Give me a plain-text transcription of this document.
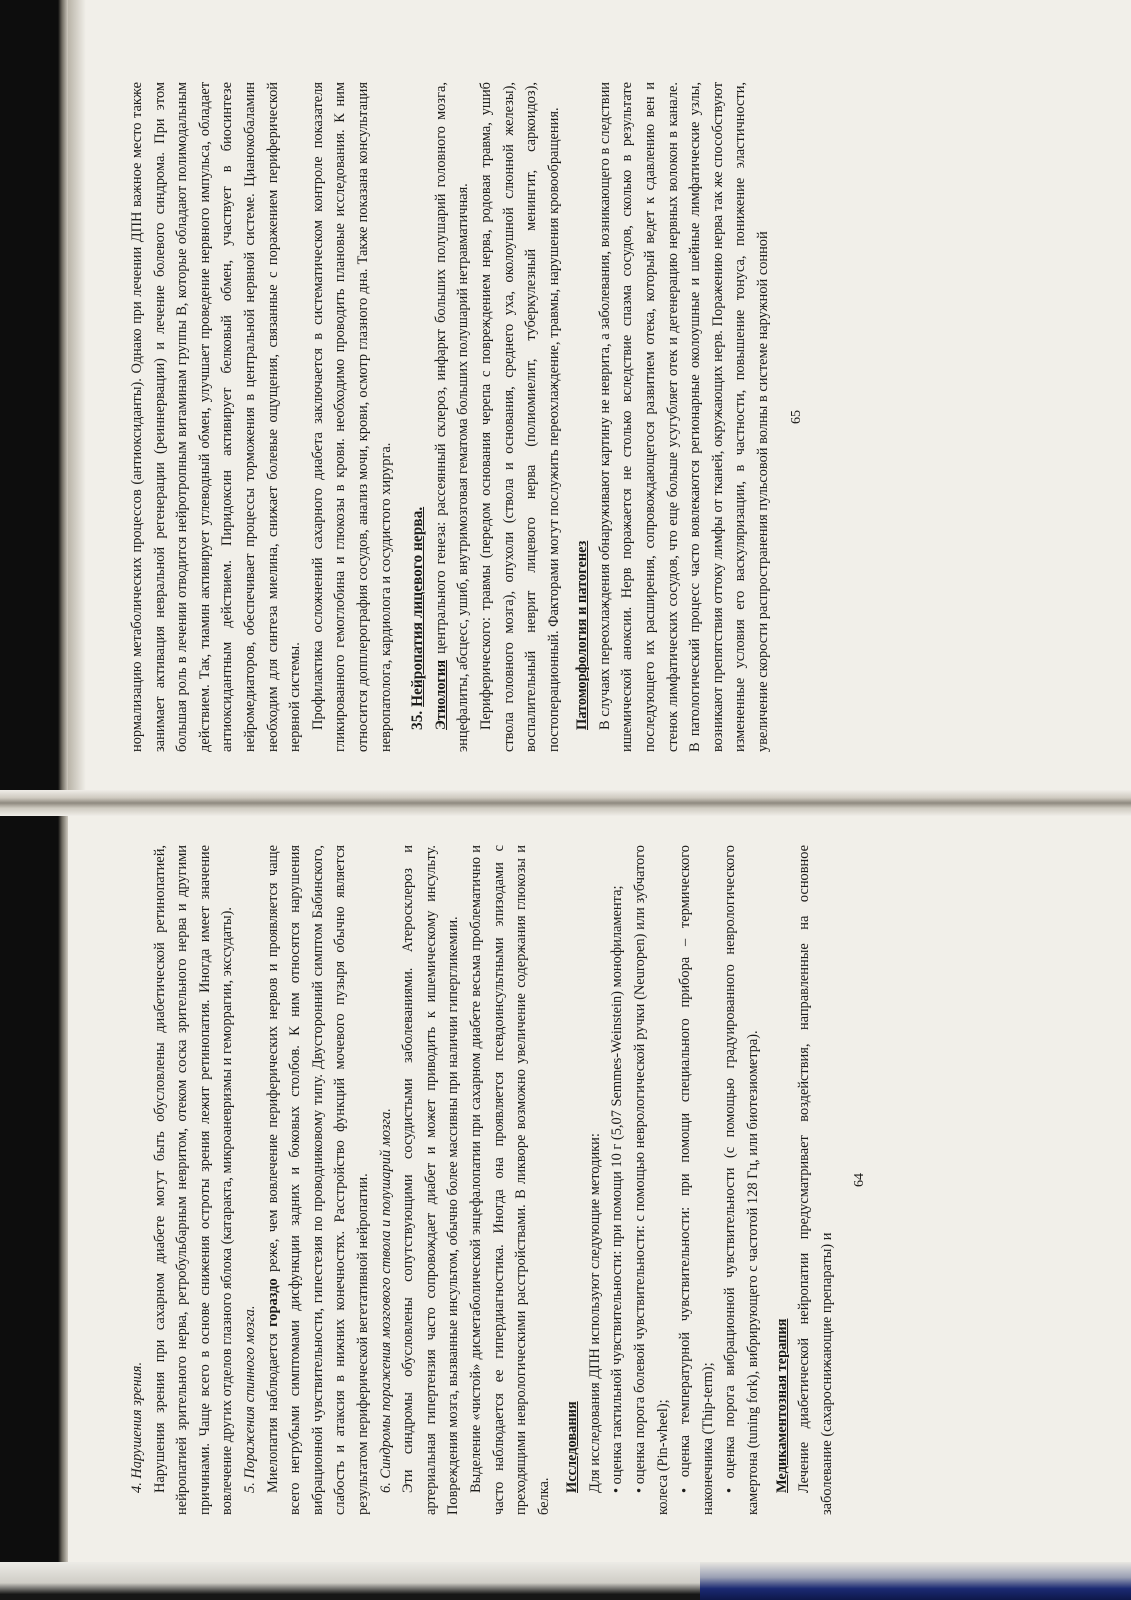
4. Нарушения зрения. Нарушения зрения при сахарном диабете могут быть обусловлены диабетической ретинопатией, нейропатией зрительного нерва, ретробульбарным невритом, отеком соска зрительного нерва и другими причинами. Чаще всего в основе снижения остроты зрения лежит ретинопатия. Иногда имеет значение вовлечение других отделов глазного яблока (катаракта, микроаневризмы и геморрагии, экссудаты). 5. Поражения спинного мозга. Миелопатия наблюдается гораздо реже, чем вовлечение периферических нервов и проявляется чаще всего негрубыми симптомами дисфункции задних и боковых столбов. К ним относятся нарушения вибрационной чувствительности, гипестезия по проводниковому типу. Двусторонний симптом Бабинского, слабость и атаксия в нижних конечностях. Расстройство функций мочевого пузыря обычно является результатом периферической вегетативной нейропатии. 6. Синдромы поражения мозгового ствола и полушарий мозга. Эти синдромы обусловлены сопутствующими сосудистыми заболеваниями. Атеросклероз и артериальная гипертензия часто сопровождает диабет и может приводить к ишемическому инсульту. Повреждения мозга, вызванные инсультом, обычно более массивны при наличии гипергликемии. Выделение «чистой» дисметаболической энцефалопатии при сахарном диабете весьма проблематично и часто наблюдается ее гипердиагностика. Иногда она проявляется псевдоинсультными эпизодами с преходящими неврологическими расстройствами. В ликворе возможно увеличение содержания глюкозы и белка.

Исследования Для исследования ДПН используют следующие методики: • оценка тактильной чувствительности: при помощи 10 г (5,07 Semmes-Weinstein) монофиламента; • оценка порога болевой чувствительности: с помощью неврологической ручки (Neuropen) или зубчатого колеса (Pin-wheel); • оценка температурной чувствительности: при помощи специального прибора – термического наконечника (Thip-term); • оценка порога вибрационной чувствительности (с помощью градуированного неврологического камертона (tuning fork), вибрирующего с частотой 128 Гц, или биотезиометра). Медикаментозная терапия Лечение диабетической нейропатии предусматривает воздействия, направленные на основное заболевание (сахароснижающие препараты) и

64

нормализацию метаболических процессов (антиоксиданты). Однако при лечении ДПН важное место также занимает активация невральной регенерации (реиннервации) и лечение болевого синдрома. При этом большая роль в лечении отводится нейротропным витаминам группы В, которые обладают полимодальным действием. Так, тиамин активирует углеводный обмен, улучшает проведение нервного импульса, обладает антиоксидантным действием. Пиридоксин активирует белковый обмен, участвует в биосинтезе нейромедиаторов, обеспечивает процессы торможения в центральной нервной системе. Цианокобаламин необходим для синтеза миелина, снижает болевые ощущения, связанные с поражением периферической нервной системы. Профилактика осложнений сахарного диабета заключается в систематическом контроле показателя гликированного гемоглобина и глюкозы в крови. необходимо проводить плановые исследования. К ним относится допплерография сосудов, анализ мочи, крови, осмотр глазного дна. Также показана консультация невропатолога, кардиолога и сосудистого хирурга. 35. Нейропатия лицевого нерва. Этиология центрального генеза: рассеянный склероз, инфаркт больших полушарий головного мозга, энцефалиты, абсцесс, ушиб, внутримозговая гематома больших полушарий нетравматичная. Периферического: травмы (передом основания черепа с повреждением нерва, родовая травма, ушиб ствола головного мозга), опухоли (ствола и основания, среднего уха, околоушной слюнной железы), воспалительный неврит лицевого нерва (полиомиелит, туберкулезный менингит, саркоидоз), постоперационный. Факторами могут послужить переохлаждение, травмы, нарушения кровообращения. Патоморфология и патогенез В случаях переохлаждения обнаруживают картину не неврита, а заболевания, возникающего в следствии ишемической аноксии. Нерв поражается не столько вследствие спазма сосудов, сколько в результате последующего их расширения, сопровождающегося развитием отека, который ведет к сдавлению вен и стенок лимфатических сосудов, что еще больше усугубляет отек и дегенерацию нервных волокон в канале. В патологический процесс часто вовлекаются регионарные околоушные и шейные лимфатические узлы, возникают препятствия оттоку лимфы от тканей, окружающих нерв. Поражению нерва так же способствуют измененные условия его васкуляризации, в частности, повышение тонуса, понижение эластичности, увеличение скорости распространения пульсовой волны в системе наружной сонной 65
